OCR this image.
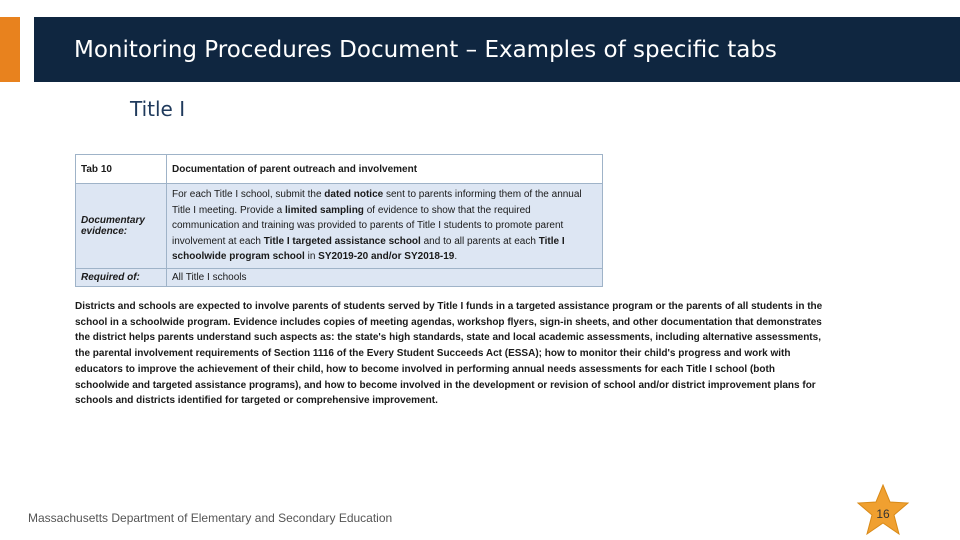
Monitoring Procedures Document – Examples of specific tabs
Title I
Tab 10	Documentation of parent outreach and involvement
Documentary evidence:	For each Title I school, submit the dated notice sent to parents informing them of the annual Title I meeting. Provide a limited sampling of evidence to show that the required communication and training was provided to parents of Title I students to promote parent involvement at each Title I targeted assistance school and to all parents at each Title I schoolwide program school in SY2019-20 and/or SY2018-19.
Required of:	All Title I schools
Districts and schools are expected to involve parents of students served by Title I funds in a targeted assistance program or the parents of all students in the school in a schoolwide program. Evidence includes copies of meeting agendas, workshop flyers, sign-in sheets, and other documentation that demonstrates the district helps parents understand such aspects as: the state's high standards, state and local academic assessments, including alternative assessments, the parental involvement requirements of Section 1116 of the Every Student Succeeds Act (ESSA); how to monitor their child's progress and work with educators to improve the achievement of their child, how to become involved in performing annual needs assessments for each Title I school (both schoolwide and targeted assistance programs), and how to become involved in the development or revision of school and/or district improvement plans for schools and districts identified for targeted or comprehensive improvement.
Massachusetts Department of Elementary and Secondary Education	16
